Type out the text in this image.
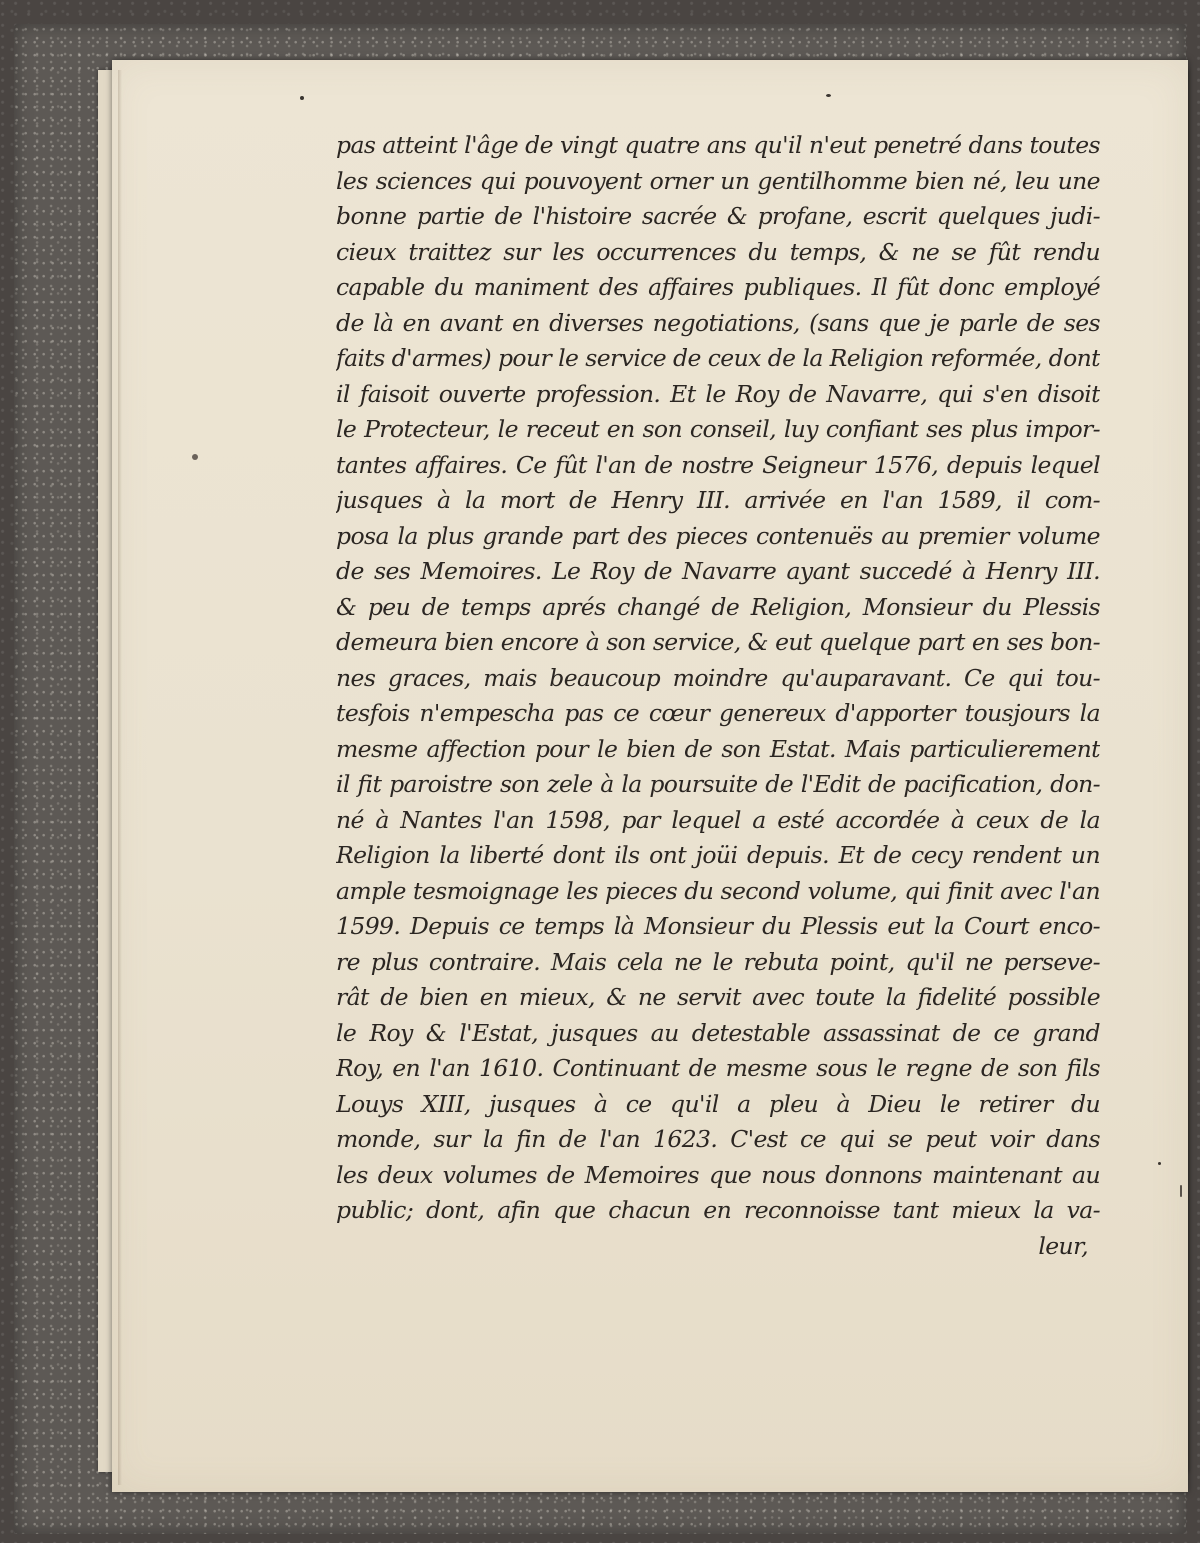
pas atteint l'âge de vingt quatre ans qu'il n'eut penetré dans toutes
les sciences qui pouvoyent orner un gentilhomme bien né, leu une
bonne partie de l'histoire sacrée & profane, escrit quelques judi-
cieux traittez sur les occurrences du temps, & ne se fût rendu
capable du maniment des affaires publiques. Il fût donc employé
de là en avant en diverses negotiations, (sans que je parle de ses
faits d'armes) pour le service de ceux de la Religion reformée, dont
il faisoit ouverte profession. Et le Roy de Navarre, qui s'en disoit
le Protecteur, le receut en son conseil, luy confiant ses plus impor-
tantes affaires. Ce fût l'an de nostre Seigneur 1576, depuis lequel
jusques à la mort de Henry III. arrivée en l'an 1589, il com-
posa la plus grande part des pieces contenuës au premier volume
de ses Memoires. Le Roy de Navarre ayant succedé à Henry III.
& peu de temps aprés changé de Religion, Monsieur du Plessis
demeura bien encore à son service, & eut quelque part en ses bon-
nes graces, mais beaucoup moindre qu'auparavant. Ce qui tou-
tesfois n'empescha pas ce cœur genereux d'apporter tousjours la
mesme affection pour le bien de son Estat. Mais particulierement
il fit paroistre son zele à la poursuite de l'Edit de pacification, don-
né à Nantes l'an 1598, par lequel a esté accordée à ceux de la
Religion la liberté dont ils ont joüi depuis. Et de cecy rendent un
ample tesmoignage les pieces du second volume, qui finit avec l'an
1599. Depuis ce temps là Monsieur du Plessis eut la Court enco-
re plus contraire. Mais cela ne le rebuta point, qu'il ne perseve-
rât de bien en mieux, & ne servit avec toute la fidelité possible
le Roy & l'Estat, jusques au detestable assassinat de ce grand
Roy, en l'an 1610. Continuant de mesme sous le regne de son fils
Louys XIII, jusques à ce qu'il a pleu à Dieu le retirer du
monde, sur la fin de l'an 1623. C'est ce qui se peut voir dans
les deux volumes de Memoires que nous donnons maintenant au
public; dont, afin que chacun en reconnoisse tant mieux la va-
leur,
